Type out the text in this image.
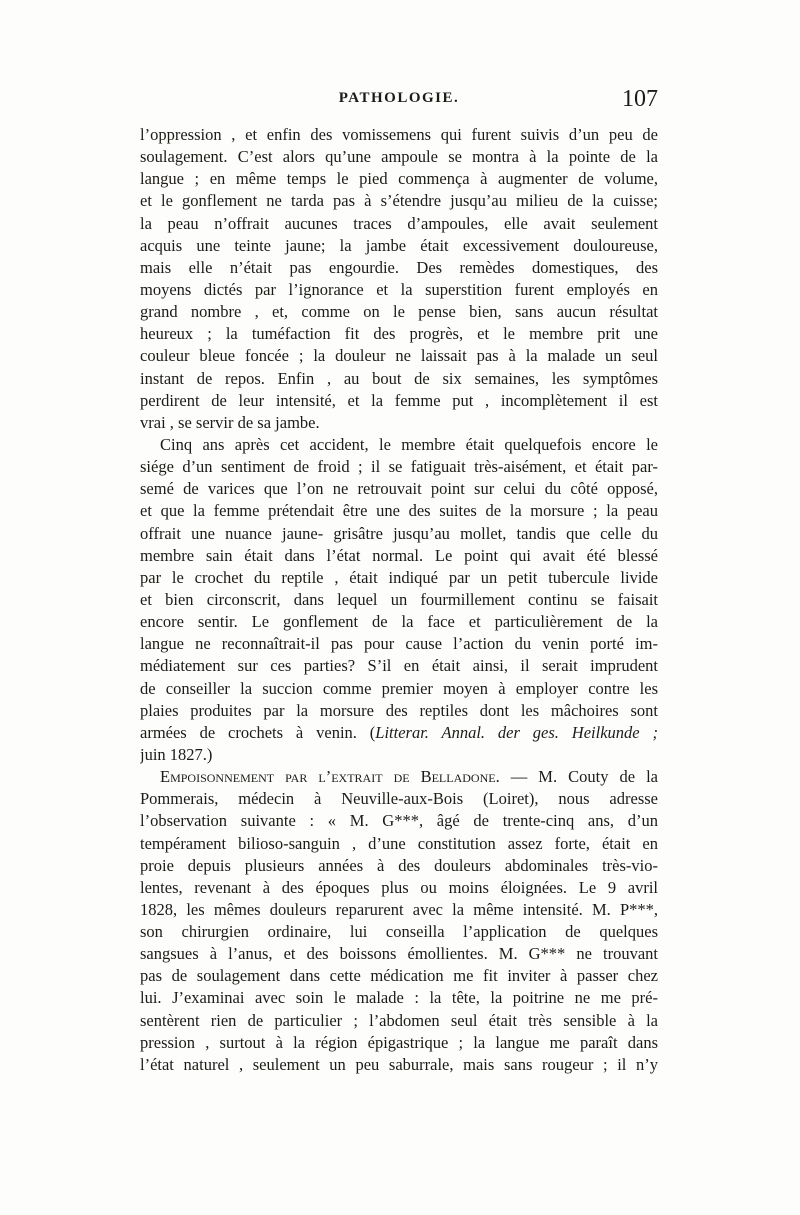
PATHOLOGIE.	107
l’oppression , et enfin des vomissemens qui furent suivis d’un peu de
soulagement. C’est alors qu’une ampoule se montra à la pointe de la
langue ; en même temps le pied commença à augmenter de volume,
et le gonflement ne tarda pas à s’étendre jusqu’au milieu de la cuisse;
la peau n’offrait aucunes traces d’ampoules, elle avait seulement
acquis une teinte jaune; la jambe était excessivement douloureuse,
mais elle n’était pas engourdie. Des remèdes domestiques, des
moyens dictés par l’ignorance et la superstition furent employés en
grand nombre , et, comme on le pense bien, sans aucun résultat
heureux ; la tuméfaction fit des progrès, et le membre prit une
couleur bleue foncée ; la douleur ne laissait pas à la malade un seul
instant de repos. Enfin , au bout de six semaines, les symptômes
perdirent de leur intensité, et la femme put , incomplètement il est
vrai , se servir de sa jambe.
Cinq ans après cet accident, le membre était quelquefois encore le
siége d’un sentiment de froid ; il se fatiguait très-aisément, et était par-
semé de varices que l’on ne retrouvait point sur celui du côté opposé,
et que la femme prétendait être une des suites de la morsure ; la peau
offrait une nuance jaune- grisâtre jusqu’au mollet, tandis que celle du
membre sain était dans l’état normal. Le point qui avait été blessé
par le crochet du reptile , était indiqué par un petit tubercule livide
et bien circonscrit, dans lequel un fourmillement continu se faisait
encore sentir. Le gonflement de la face et particulièrement de la
langue ne reconnaîtrait-il pas pour cause l’action du venin porté im-
médiatement sur ces parties? S’il en était ainsi, il serait imprudent
de conseiller la succion comme premier moyen à employer contre les
plaies produites par la morsure des reptiles dont les mâchoires sont
armées de crochets à venin. (Litterar. Annal. der ges. Heilkunde ;
juin 1827.)
Empoisonnement par l’extrait de Belladone. — M. Couty de la
Pommerais, médecin à Neuville-aux-Bois (Loiret), nous adresse
l’observation suivante : « M. G***, âgé de trente-cinq ans, d’un
tempérament bilioso-sanguin , d’une constitution assez forte, était en
proie depuis plusieurs années à des douleurs abdominales très-vio-
lentes, revenant à des époques plus ou moins éloignées. Le 9 avril
1828, les mêmes douleurs reparurent avec la même intensité. M. P***,
son chirurgien ordinaire, lui conseilla l’application de quelques
sangsues à l’anus, et des boissons émollientes. M. G*** ne trouvant
pas de soulagement dans cette médication me fit inviter à passer chez
lui. J’examinai avec soin le malade : la tête, la poitrine ne me pré-
sentèrent rien de particulier ; l’abdomen seul était très sensible à la
pression , surtout à la région épigastrique ; la langue me paraît dans
l’état naturel , seulement un peu saburrale, mais sans rougeur ; il n’y
